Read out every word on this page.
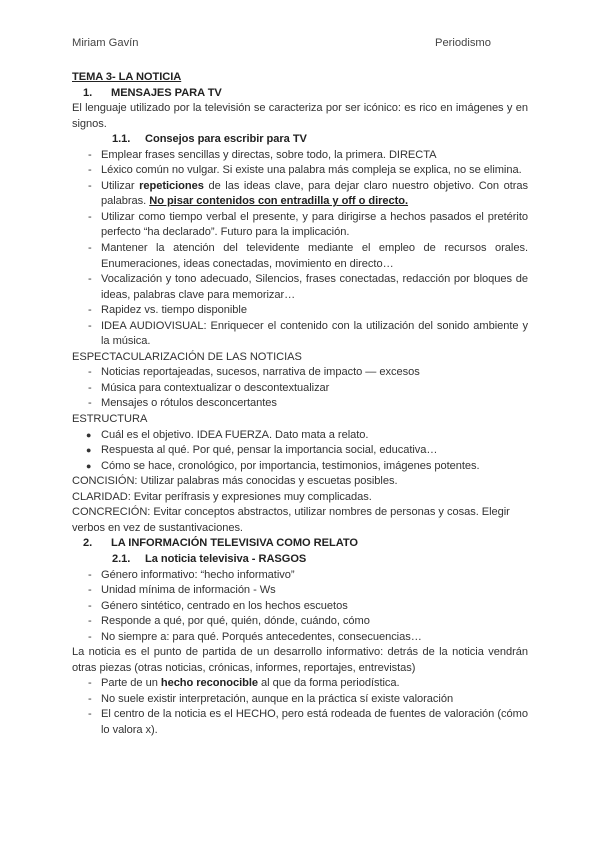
Miriam Gavín	Periodismo

TEMA 3- LA NOTICIA

1. MENSAJES PARA TV

El lenguaje utilizado por la televisión se caracteriza por ser icónico: es rico en imágenes y en signos.

1.1. Consejos para escribir para TV

- Emplear frases sencillas y directas, sobre todo, la primera. DIRECTA
- Léxico común no vulgar. Si existe una palabra más compleja se explica, no se elimina.
- Utilizar repeticiones de las ideas clave, para dejar claro nuestro objetivo. Con otras palabras. No pisar contenidos con entradilla y off o directo.
- Utilizar como tiempo verbal el presente, y para dirigirse a hechos pasados el pretérito perfecto “ha declarado”. Futuro para la implicación.
- Mantener la atención del televidente mediante el empleo de recursos orales. Enumeraciones, ideas conectadas, movimiento en directo…
- Vocalización y tono adecuado, Silencios, frases conectadas, redacción por bloques de ideas, palabras clave para memorizar…
- Rapidez vs. tiempo disponible
- IDEA AUDIOVISUAL: Enriquecer el contenido con la utilización del sonido ambiente y la música.

ESPECTACULARIZACIÓN DE LAS NOTICIAS

- Noticias reportajeadas, sucesos, narrativa de impacto — excesos
- Música para contextualizar o descontextualizar
- Mensajes o rótulos desconcertantes

ESTRUCTURA

● Cuál es el objetivo. IDEA FUERZA. Dato mata a relato.
● Respuesta al qué. Por qué, pensar la importancia social, educativa…
● Cómo se hace, cronológico, por importancia, testimonios, imágenes potentes.

CONCISIÓN: Utilizar palabras más conocidas y escuetas posibles.

CLARIDAD: Evitar perífrasis y expresiones muy complicadas.

CONCRECIÓN: Evitar conceptos abstractos, utilizar nombres de personas y cosas. Elegir verbos en vez de sustantivaciones.

2. LA INFORMACIÓN TELEVISIVA COMO RELATO

2.1. La noticia televisiva - RASGOS

- Género informativo: “hecho informativo”
- Unidad mínima de información - Ws
- Género sintético, centrado en los hechos escuetos
- Responde a qué, por qué, quién, dónde, cuándo, cómo
- No siempre a: para qué. Porqués antecedentes, consecuencias…

La noticia es el punto de partida de un desarrollo informativo: detrás de la noticia vendrán otras piezas (otras noticias, crónicas, informes, reportajes, entrevistas)

- Parte de un hecho reconocible al que da forma periodística.
- No suele existir interpretación, aunque en la práctica sí existe valoración
- El centro de la noticia es el HECHO, pero está rodeada de fuentes de valoración (cómo lo valora x).
